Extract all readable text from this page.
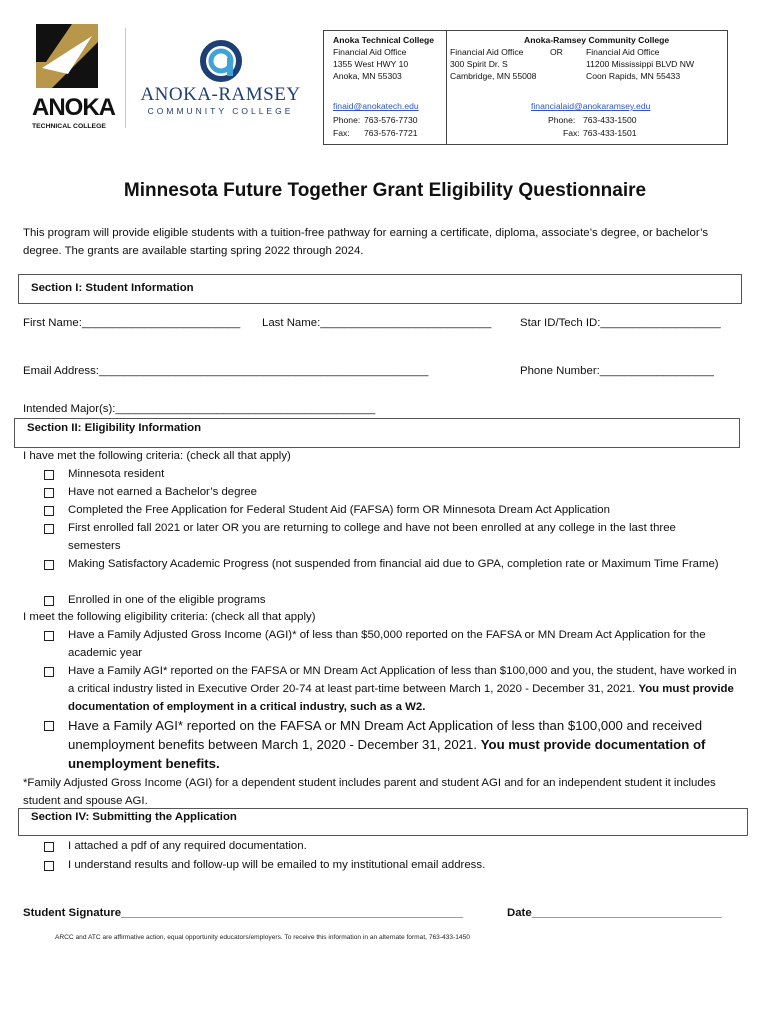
ANOKA
TECHNICAL COLLEGE
ANOKA-RAMSEY
COMMUNITY COLLEGE
Anoka Technical College
Financial Aid Office
1355 West HWY 10
Anoka, MN 55303
finaid@anokatech.edu
Phone: 763-576-7730
Fax: 763-576-7721
Anoka-Ramsey Community College
Financial Aid Office
300 Spirit Dr. S
Cambridge, MN 55008
OR	Financial Aid Office
11200 Mississippi BLVD NW
Coon Rapids, MN 55433
financialaid@anokaramsey.edu
Phone: 763-433-1500
Fax: 763-433-1501
Minnesota Future Together Grant Eligibility Questionnaire
This program will provide eligible students with a tuition-free pathway for earning a certificate, diploma, associate’s degree, or bachelor’s degree. The grants are available starting spring 2022 through 2024.
Section I: Student Information
First Name:_________________________ Last Name:___________________________	Star ID/Tech ID:___________________
Email Address:____________________________________________________	Phone Number:__________________
Intended Major(s):_________________________________________
Section II: Eligibility Information
I have met the following criteria: (check all that apply)
Minnesota resident
Have not earned a Bachelor’s degree
Completed the Free Application for Federal Student Aid (FAFSA) form OR Minnesota Dream Act Application
First enrolled fall 2021 or later OR you are returning to college and have not been enrolled at any college in the last three semesters
Making Satisfactory Academic Progress (not suspended from financial aid due to GPA, completion rate or Maximum Time Frame)
Enrolled in one of the eligible programs
I meet the following eligibility criteria: (check all that apply)
Have a Family Adjusted Gross Income (AGI)* of less than $50,000 reported on the FAFSA or MN Dream Act Application for the academic year
Have a Family AGI* reported on the FAFSA or MN Dream Act Application of less than $100,000 and you, the student, have worked in a critical industry listed in Executive Order 20-74 at least part-time between March 1, 2020 - December 31, 2021. You must provide documentation of employment in a critical industry, such as a W2.
Have a Family AGI* reported on the FAFSA or MN Dream Act Application of less than $100,000 and received unemployment benefits between March 1, 2020 - December 31, 2021. You must provide documentation of unemployment benefits.
*Family Adjusted Gross Income (AGI) for a dependent student includes parent and student AGI and for an independent student it includes student and spouse AGI.
Section IV: Submitting the Application
I attached a pdf of any required documentation.
I understand results and follow-up will be emailed to my institutional email address.
Student Signature______________________________________________________	Date______________________________
ARCC and ATC are affirmative action, equal opportunity educators/employers. To receive this information in an alternate format, 763-433-1450
